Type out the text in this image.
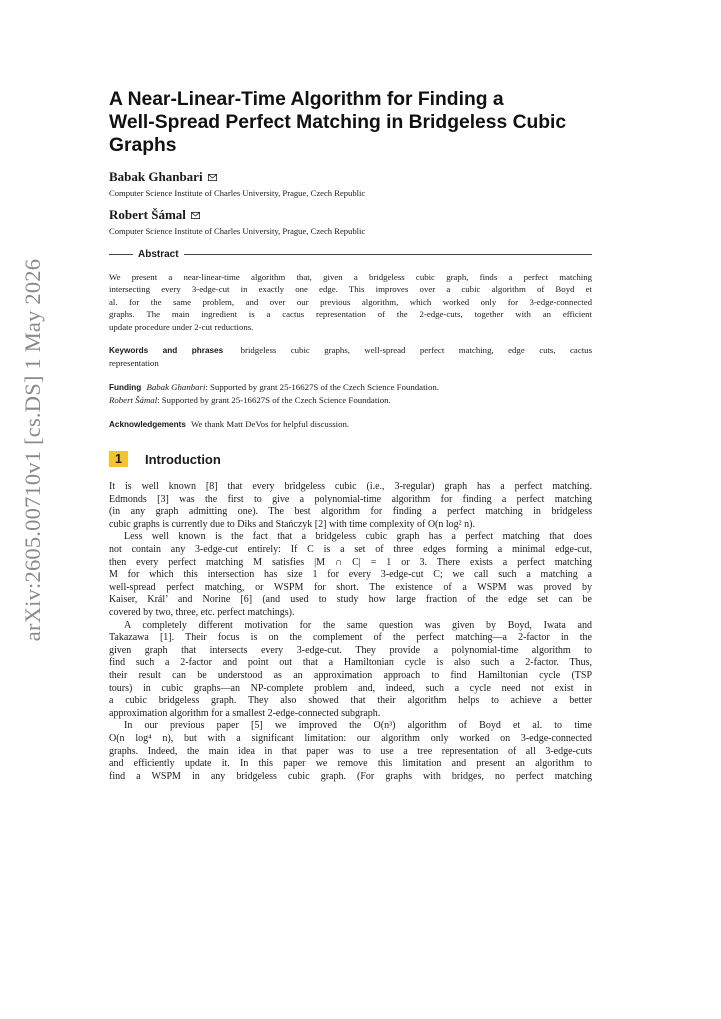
arXiv:2605.00710v1 [cs.DS] 1 May 2026
A Near-Linear-Time Algorithm for Finding a
Well-Spread Perfect Matching in Bridgeless Cubic
Graphs
Babak Ghanbari
Computer Science Institute of Charles University, Prague, Czech Republic
Robert Šámal
Computer Science Institute of Charles University, Prague, Czech Republic
Abstract
We present a near-linear-time algorithm that, given a bridgeless cubic graph, finds a perfect matching
intersecting every 3-edge-cut in exactly one edge. This improves over a cubic algorithm of Boyd et
al. for the same problem, and over our previous algorithm, which worked only for 3-edge-connected
graphs. The main ingredient is a cactus representation of the 2-edge-cuts, together with an efficient
update procedure under 2-cut reductions.
Keywords and phrases bridgeless cubic graphs, well-spread perfect matching, edge cuts, cactus
representation
Funding Babak Ghanbari: Supported by grant 25-16627S of the Czech Science Foundation.
Robert Šámal: Supported by grant 25-16627S of the Czech Science Foundation.
Acknowledgements We thank Matt DeVos for helpful discussion.
1	Introduction

It is well known [8] that every bridgeless cubic (i.e., 3-regular) graph has a perfect matching.
Edmonds [3] was the first to give a polynomial-time algorithm for finding a perfect matching
(in any graph admitting one). The best algorithm for finding a perfect matching in bridgeless
cubic graphs is currently due to Diks and Stańczyk [2] with time complexity of O(n log² n).

Less well known is the fact that a bridgeless cubic graph has a perfect matching that does
not contain any 3-edge-cut entirely: If C is a set of three edges forming a minimal edge-cut,
then every perfect matching M satisfies |M ∩ C| = 1 or 3. There exists a perfect matching
M for which this intersection has size 1 for every 3-edge-cut C; we call such a matching a
well-spread perfect matching, or WSPM for short. The existence of a WSPM was proved by
Kaiser, Král’ and Norine [6] (and used to study how large fraction of the edge set can be
covered by two, three, etc. perfect matchings).

A completely different motivation for the same question was given by Boyd, Iwata and
Takazawa [1]. Their focus is on the complement of the perfect matching—a 2-factor in the
given graph that intersects every 3-edge-cut. They provide a polynomial-time algorithm to
find such a 2-factor and point out that a Hamiltonian cycle is also such a 2-factor. Thus,
their result can be understood as an approximation approach to find Hamiltonian cycle (TSP
tours) in cubic graphs—an NP-complete problem and, indeed, such a cycle need not exist in
a cubic bridgeless graph. They also showed that their algorithm helps to achieve a better
approximation algorithm for a smallest 2-edge-connected subgraph.

In our previous paper [5] we improved the O(n³) algorithm of Boyd et al. to time
O(n log⁴ n), but with a significant limitation: our algorithm only worked on 3-edge-connected
graphs. Indeed, the main idea in that paper was to use a tree representation of all 3-edge-cuts
and efficiently update it. In this paper we remove this limitation and present an algorithm to
find a WSPM in any bridgeless cubic graph. (For graphs with bridges, no perfect matching
